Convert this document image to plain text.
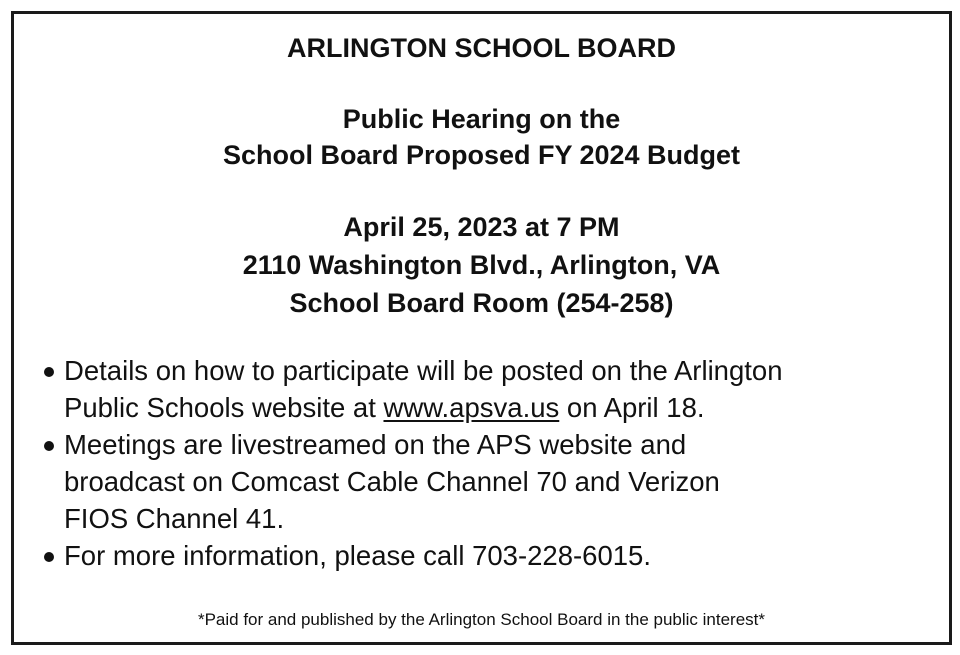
ARLINGTON SCHOOL BOARD
Public Hearing on the
School Board Proposed FY 2024 Budget
April 25, 2023 at 7 PM
2110 Washington Blvd., Arlington, VA
School Board Room (254-258)
Details on how to participate will be posted on the Arlington
Public Schools website at www.apsva.us on April 18.
Meetings are livestreamed on the APS website and
broadcast on Comcast Cable Channel 70 and Verizon
FIOS Channel 41.
For more information, please call 703-228-6015.
*Paid for and published by the Arlington School Board in the public interest*
